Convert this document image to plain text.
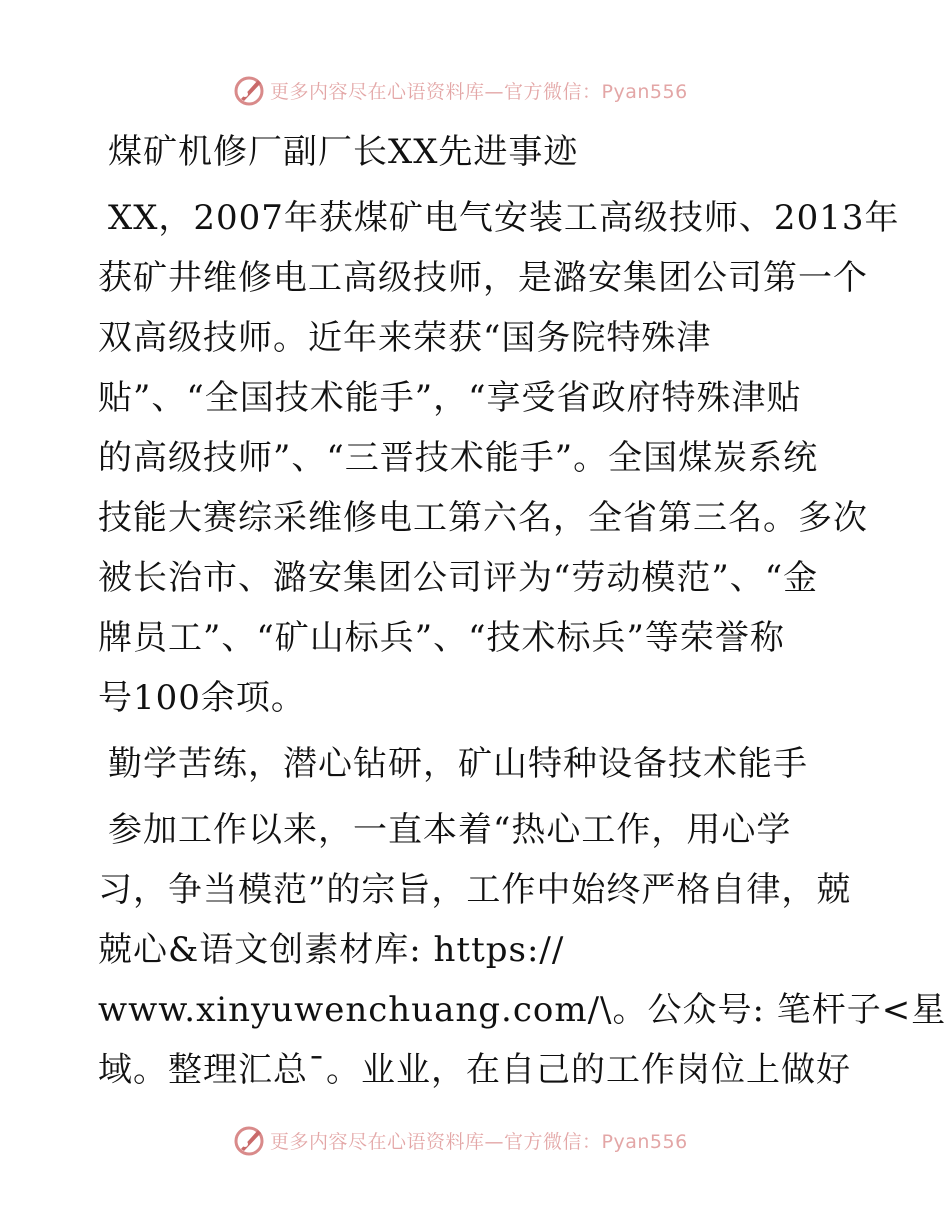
更多内容尽在心语资料库—官方微信：Pyan556
煤矿机修厂副厂长XX先进事迹
XX，2007年获煤矿电气安装工高级技师、2013年
获矿井维修电工高级技师，是潞安集团公司第一个
双高级技师。近年来荣获“国务院特殊津
贴”、“全国技术能手”，“享受省政府特殊津贴
的高级技师”、“三晋技术能手”。全国煤炭系统
技能大赛综采维修电工第六名，全省第三名。多次
被长治市、潞安集团公司评为“劳动模范”、“金
牌员工”、“矿山标兵”、“技术标兵”等荣誉称
号100余项。
勤学苦练，潜心钻研，矿山特种设备技术能手
参加工作以来，一直本着“热心工作，用心学
习，争当模范”的宗旨，工作中始终严格自律，兢
兢心&语文创素材库: https://
www.xinyuwenchuang.com/\。公众号: 笔杆子<星
域。整理汇总¯。业业，在自己的工作岗位上做好
更多内容尽在心语资料库—官方微信：Pyan556
